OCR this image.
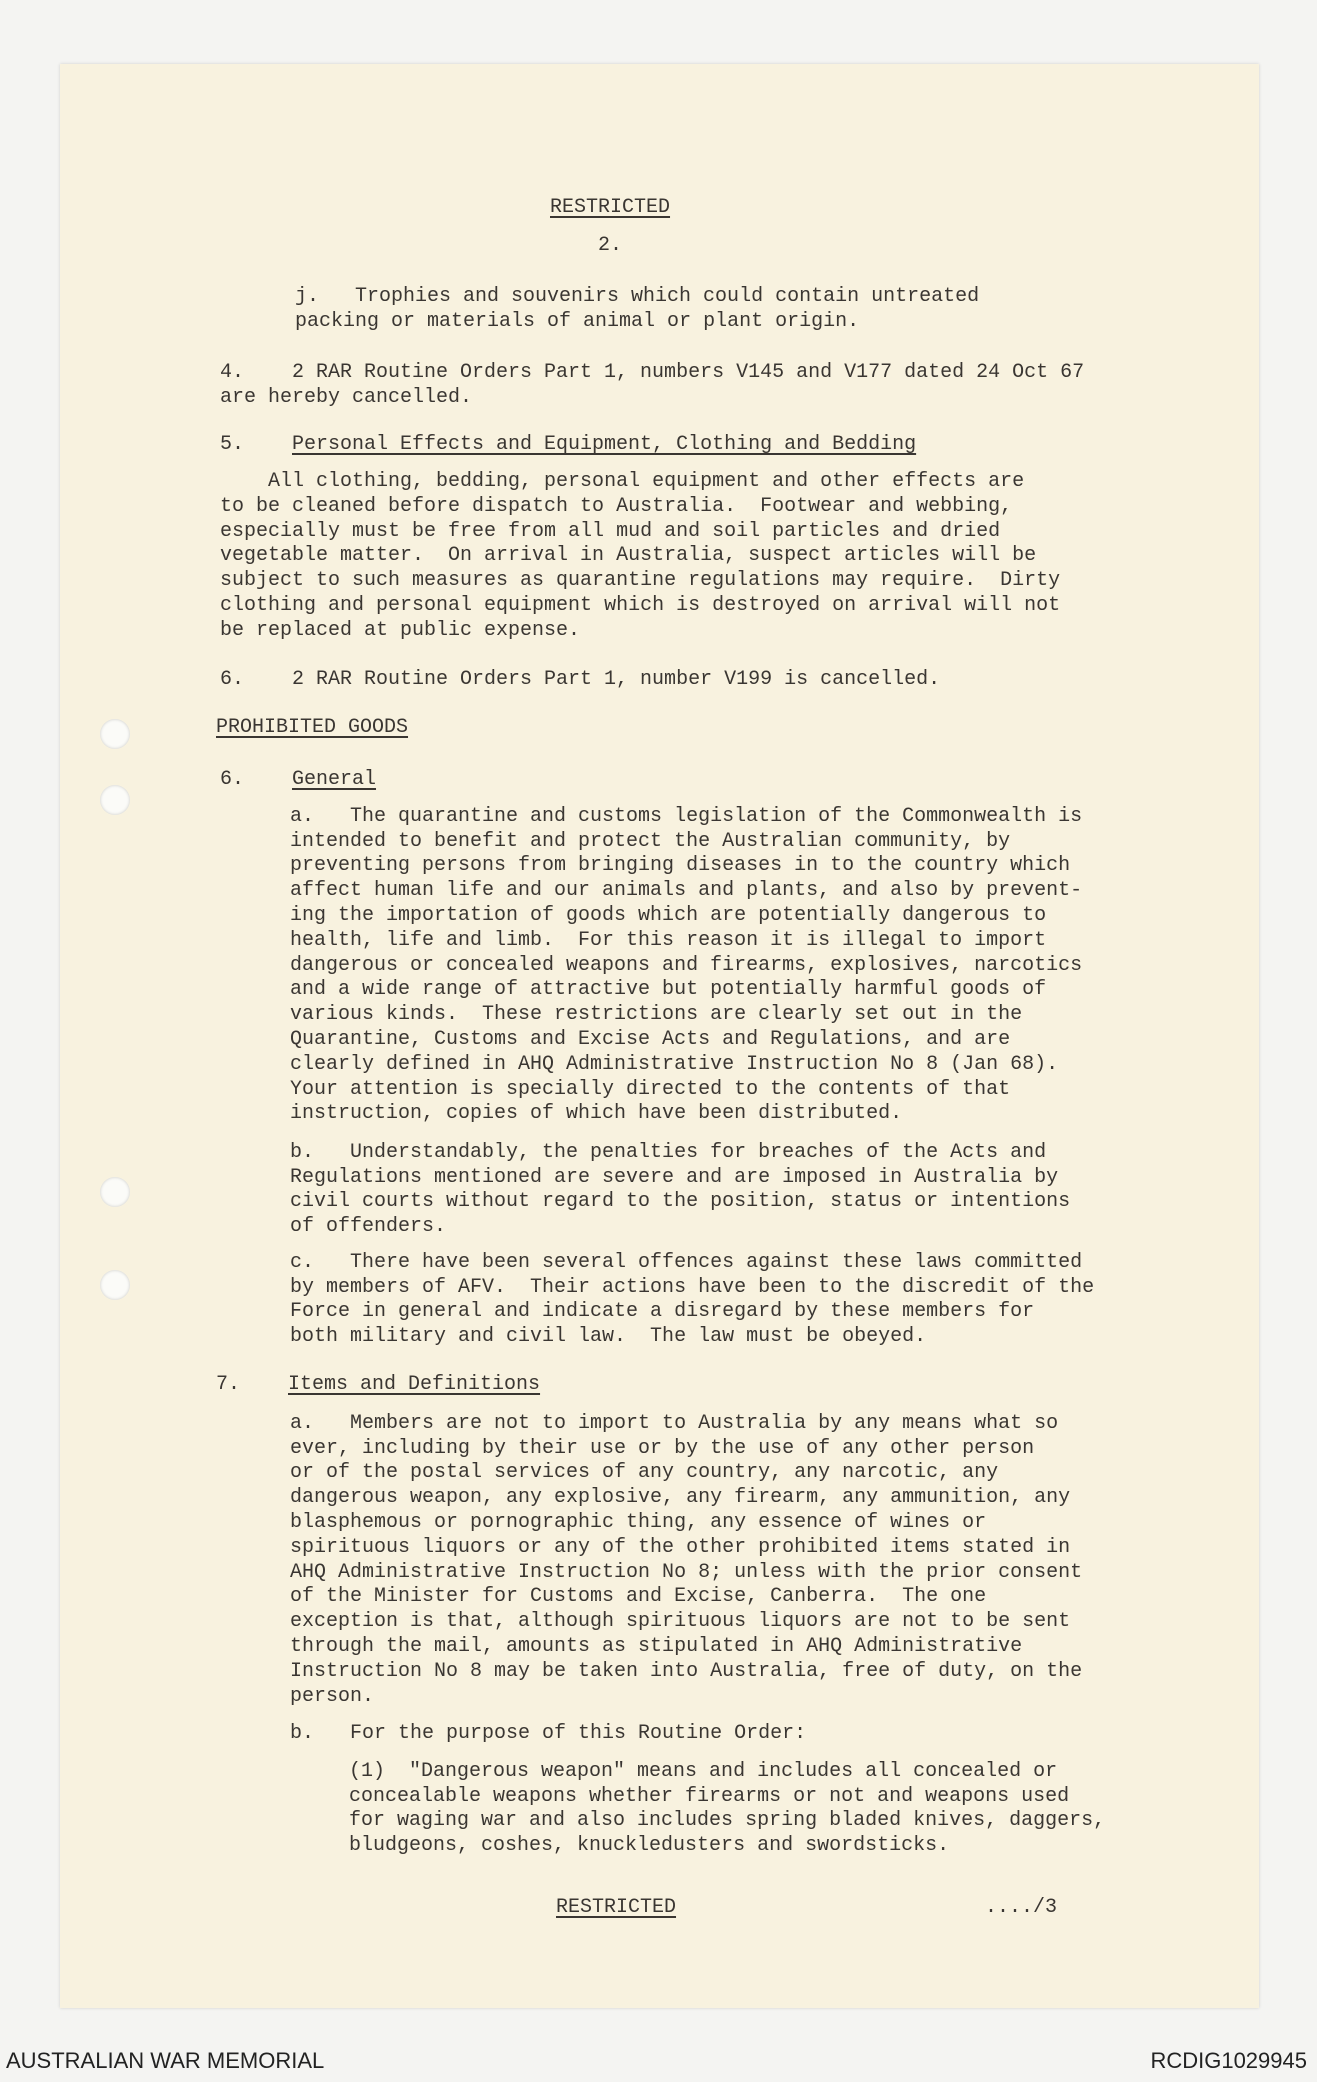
RESTRICTED
2.
j. Trophies and souvenirs which could contain untreated
packing or materials of animal or plant origin.
4. 2 RAR Routine Orders Part 1, numbers V145 and V177 dated 24 Oct 67
are hereby cancelled.
5. Personal Effects and Equipment, Clothing and Bedding
All clothing, bedding, personal equipment and other effects are
to be cleaned before dispatch to Australia.  Footwear and webbing,
especially must be free from all mud and soil particles and dried
vegetable matter.  On arrival in Australia, suspect articles will be
subject to such measures as quarantine regulations may require.  Dirty
clothing and personal equipment which is destroyed on arrival will not
be replaced at public expense.
6. 2 RAR Routine Orders Part 1, number V199 is cancelled.
PROHIBITED GOODS
6. General
a.   The quarantine and customs legislation of the Commonwealth is
intended to benefit and protect the Australian community, by
preventing persons from bringing diseases in to the country which
affect human life and our animals and plants, and also by prevent-
ing the importation of goods which are potentially dangerous to
health, life and limb.  For this reason it is illegal to import
dangerous or concealed weapons and firearms, explosives, narcotics
and a wide range of attractive but potentially harmful goods of
various kinds.  These restrictions are clearly set out in the
Quarantine, Customs and Excise Acts and Regulations, and are
clearly defined in AHQ Administrative Instruction No 8 (Jan 68).
Your attention is specially directed to the contents of that
instruction, copies of which have been distributed.
b.   Understandably, the penalties for breaches of the Acts and
Regulations mentioned are severe and are imposed in Australia by
civil courts without regard to the position, status or intentions
of offenders.
c.   There have been several offences against these laws committed
by members of AFV.  Their actions have been to the discredit of the
Force in general and indicate a disregard by these members for
both military and civil law.  The law must be obeyed.
7. Items and Definitions
a.   Members are not to import to Australia by any means what so
ever, including by their use or by the use of any other person
or of the postal services of any country, any narcotic, any
dangerous weapon, any explosive, any firearm, any ammunition, any
blasphemous or pornographic thing, any essence of wines or
spirituous liquors or any of the other prohibited items stated in
AHQ Administrative Instruction No 8; unless with the prior consent
of the Minister for Customs and Excise, Canberra.  The one
exception is that, although spirituous liquors are not to be sent
through the mail, amounts as stipulated in AHQ Administrative
Instruction No 8 may be taken into Australia, free of duty, on the
person.
b.   For the purpose of this Routine Order:
(1)  "Dangerous weapon" means and includes all concealed or
concealable weapons whether firearms or not and weapons used
for waging war and also includes spring bladed knives, daggers,
bludgeons, coshes, knuckledusters and swordsticks.
RESTRICTED	..../3
AUSTRALIAN WAR MEMORIAL	RCDIG1029945
